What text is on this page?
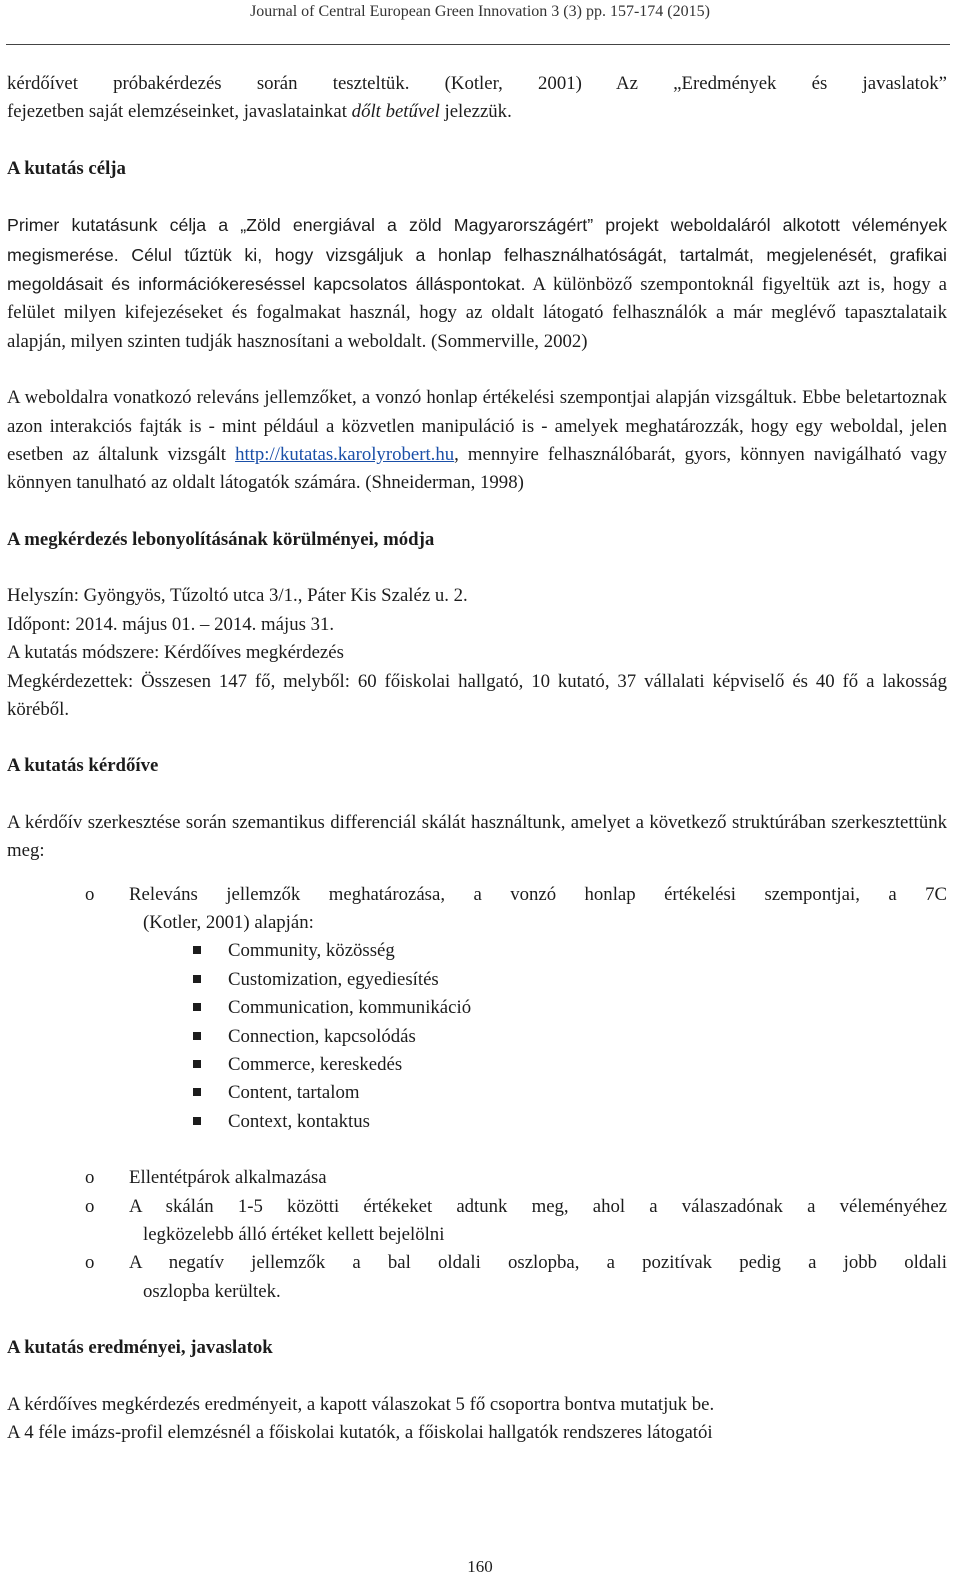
Journal of Central European Green Innovation 3 (3) pp. 157-174 (2015)

kérdőívet próbakérdezés során teszteltük. (Kotler, 2001) Az „Eredmények és javaslatok”

fejezetben saját elemzéseinket, javaslatainkat dőlt betűvel jelezzük.

A kutatás célja

Primer kutatásunk célja a „Zöld energiával a zöld Magyarországért” projekt weboldaláról alkotott vélemények megismerése. Célul tűztük ki, hogy vizsgáljuk a honlap felhasználhatóságát, tartalmát, megjelenését, grafikai megoldásait és információkereséssel kapcsolatos álláspontokat. A különböző szempontoknál figyeltük azt is, hogy a felület milyen kifejezéseket és fogalmakat használ, hogy az oldalt látogató felhasználók a már meglévő tapasztalataik alapján, milyen szinten tudják hasznosítani a weboldalt. (Sommerville, 2002)

A weboldalra vonatkozó releváns jellemzőket, a vonzó honlap értékelési szempontjai alapján vizsgáltuk. Ebbe beletartoznak azon interakciós fajták is - mint például a közvetlen manipuláció is - amelyek meghatározzák, hogy egy weboldal, jelen esetben az általunk vizsgált http://kutatas.karolyrobert.hu, mennyire felhasználóbarát, gyors, könnyen navigálható vagy könnyen tanulható az oldalt látogatók számára. (Shneiderman, 1998)

A megkérdezés lebonyolításának körülményei, módja

Helyszín: Gyöngyös, Tűzoltó utca 3/1., Páter Kis Szaléz u. 2.

Időpont: 2014. május 01. – 2014. május 31.

A kutatás módszere: Kérdőíves megkérdezés

Megkérdezettek: Összesen 147 fő, melyből: 60 főiskolai hallgató, 10 kutató, 37 vállalati képviselő és 40 fő a lakosság köréből.

A kutatás kérdőíve

A kérdőív szerkesztése során szemantikus differenciál skálát használtunk, amelyet a következő struktúrában szerkesztettünk meg:

o Releváns jellemzők meghatározása, a vonzó honlap értékelési szempontjai, a 7C
(Kotler, 2001) alapján:
Community, közösség
Customization, egyediesítés
Communication, kommunikáció
Connection, kapcsolódás
Commerce, kereskedés
Content, tartalom
Context, kontaktus
o Ellentétpárok alkalmazása
o A skálán 1-5 közötti értékeket adtunk meg, ahol a válaszadónak a véleményéhez
legközelebb álló értéket kellett bejelölni
o A negatív jellemzők a bal oldali oszlopba, a pozitívak pedig a jobb oldali
oszlopba kerültek.
A kutatás eredményei, javaslatok

A kérdőíves megkérdezés eredményeit, a kapott válaszokat 5 fő csoportra bontva mutatjuk be.

A 4 féle imázs-profil elemzésnél a főiskolai kutatók, a főiskolai hallgatók rendszeres látogatói

160
